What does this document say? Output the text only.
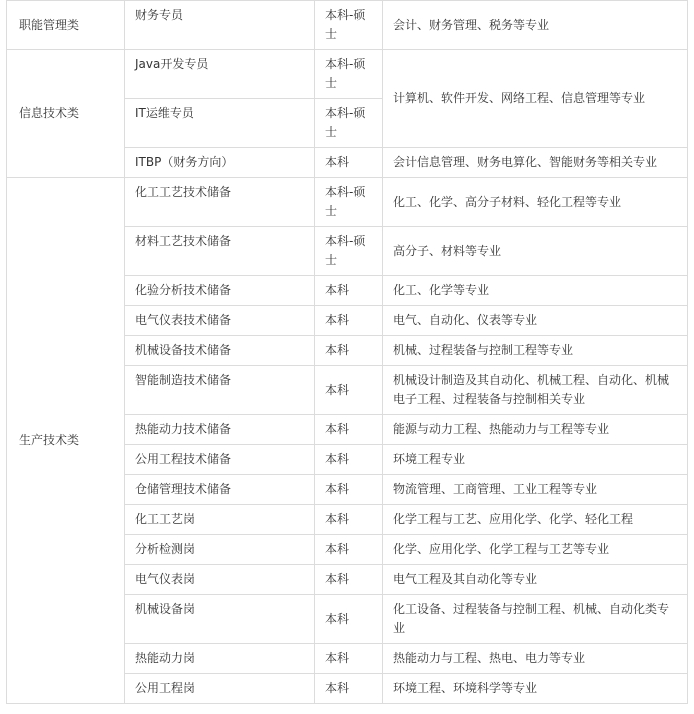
职能管理类	财务专员	本科-硕士	会计、财务管理、税务等专业
信息技术类	Java开发专员	本科-硕士	计算机、软件开发、网络工程、信息管理等专业
	IT运维专员	本科-硕士	
	ITBP（财务方向）	本科	会计信息管理、财务电算化、智能财务等相关专业
生产技术类	化工工艺技术储备	本科-硕士	化工、化学、高分子材料、轻化工程等专业
	材料工艺技术储备	本科-硕士	高分子、材料等专业
	化验分析技术储备	本科	化工、化学等专业
	电气仪表技术储备	本科	电气、自动化、仪表等专业
	机械设备技术储备	本科	机械、过程装备与控制工程等专业
	智能制造技术储备	本科	机械设计制造及其自动化、机械工程、自动化、机械电子工程、过程装备与控制相关专业
	热能动力技术储备	本科	能源与动力工程、热能动力与工程等专业
	公用工程技术储备	本科	环境工程专业
	仓储管理技术储备	本科	物流管理、工商管理、工业工程等专业
	化工工艺岗	本科	化学工程与工艺、应用化学、化学、轻化工程
	分析检测岗	本科	化学、应用化学、化学工程与工艺等专业
	电气仪表岗	本科	电气工程及其自动化等专业
	机械设备岗	本科	化工设备、过程装备与控制工程、机械、自动化类专业
	热能动力岗	本科	热能动力与工程、热电、电力等专业
	公用工程岗	本科	环境工程、环境科学等专业
